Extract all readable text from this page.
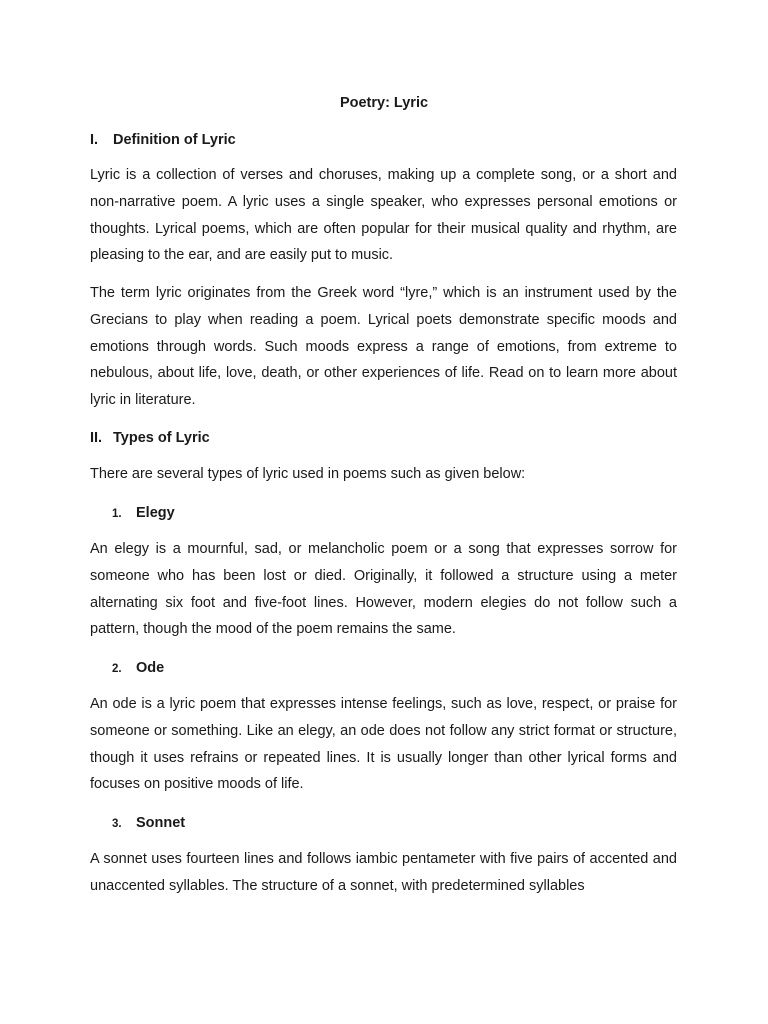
Poetry: Lyric
I. Definition of Lyric

Lyric is a collection of verses and choruses, making up a complete song, or a short and non-narrative poem. A lyric uses a single speaker, who expresses personal emotions or thoughts. Lyrical poems, which are often popular for their musical quality and rhythm, are pleasing to the ear, and are easily put to music.

The term lyric originates from the Greek word “lyre,” which is an instrument used by the Grecians to play when reading a poem. Lyrical poets demonstrate specific moods and emotions through words. Such moods express a range of emotions, from extreme to nebulous, about life, love, death, or other experiences of life. Read on to learn more about lyric in literature.

II. Types of Lyric

There are several types of lyric used in poems such as given below:

1. Elegy

An elegy is a mournful, sad, or melancholic poem or a song that expresses sorrow for someone who has been lost or died. Originally, it followed a structure using a meter alternating six foot and five-foot lines. However, modern elegies do not follow such a pattern, though the mood of the poem remains the same.

2. Ode

An ode is a lyric poem that expresses intense feelings, such as love, respect, or praise for someone or something. Like an elegy, an ode does not follow any strict format or structure, though it uses refrains or repeated lines. It is usually longer than other lyrical forms and focuses on positive moods of life.

3. Sonnet

A sonnet uses fourteen lines and follows iambic pentameter with five pairs of accented and unaccented syllables. The structure of a sonnet, with predetermined syllables
